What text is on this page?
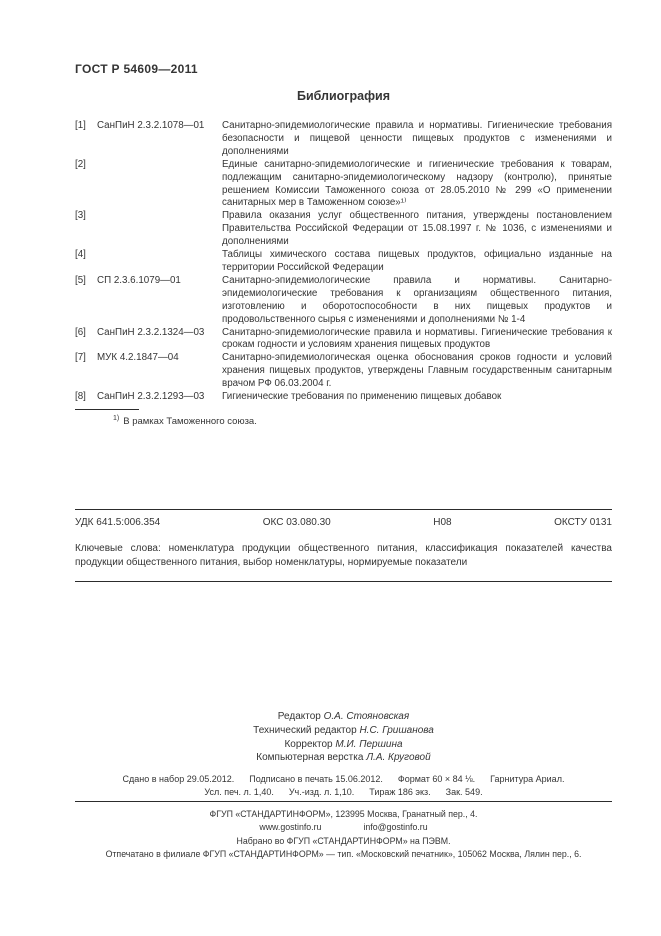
ГОСТ Р 54609—2011
Библиография
[1]	СанПиН 2.3.2.1078—01	Санитарно-эпидемиологические правила и нормативы. Гигиенические требования безопасности и пищевой ценности пищевых продуктов с изменениями и дополнениями
[2]	Единые санитарно-эпидемиологические и гигиенические требования к товарам, подлежащим санитарно-эпидемиологическому надзору (контролю), принятые решением Комиссии Таможенного союза от 28.05.2010 № 299 «О применении санитарных мер в Таможенном союзе»¹⁾
[3]	Правила оказания услуг общественного питания, утверждены постановлением Правительства Российской Федерации от 15.08.1997 г. № 1036, с изменениями и дополнениями
[4]	Таблицы химического состава пищевых продуктов, официально изданные на территории Российской Федерации
[5]	СП 2.3.6.1079—01	Санитарно-эпидемиологические правила и нормативы. Санитарно-эпидемиологические требования к организациям общественного питания, изготовлению и оборотоспособности в них пищевых продуктов и продовольственного сырья с изменениями и дополнениями № 1-4
[6]	СанПиН 2.3.2.1324—03	Санитарно-эпидемиологические правила и нормативы. Гигиенические требования к срокам годности и условиям хранения пищевых продуктов
[7]	МУК 4.2.1847—04	Санитарно-эпидемиологическая оценка обоснования сроков годности и условий хранения пищевых продуктов, утверждены Главным государственным санитарным врачом РФ 06.03.2004 г.
[8]	СанПиН 2.3.2.1293—03	Гигиенические требования по применению пищевых добавок
$^{1)}$ В рамках Таможенного союза.
УДК 641.5:006.354	ОКС 03.080.30	Н08	ОКСТУ 0131

Ключевые слова: номенклатура продукции общественного питания, классификация показателей качества продукции общественного питания, выбор номенклатуры, нормируемые показатели

Редактор О.А. Стояновская
Технический редактор Н.С. Гришанова
Корректор М.И. Першина
Компьютерная верстка Л.А. Круговой
Сдано в набор 29.05.2012. Подписано в печать 15.06.2012. Формат 60 × 84 ⅛. Гарнитура Ариал.
Усл. печ. л. 1,40. Уч.-изд. л. 1,10. Тираж 186 экз. Зак. 549.
ФГУП «СТАНДАРТИНФОРМ», 123995 Москва, Гранатный пер., 4.
www.gostinfo.ru	info@gostinfo.ru
Набрано во ФГУП «СТАНДАРТИНФОРМ» на ПЭВМ.
Отпечатано в филиале ФГУП «СТАНДАРТИНФОРМ» — тип. «Московский печатник», 105062 Москва, Лялин пер., 6.
